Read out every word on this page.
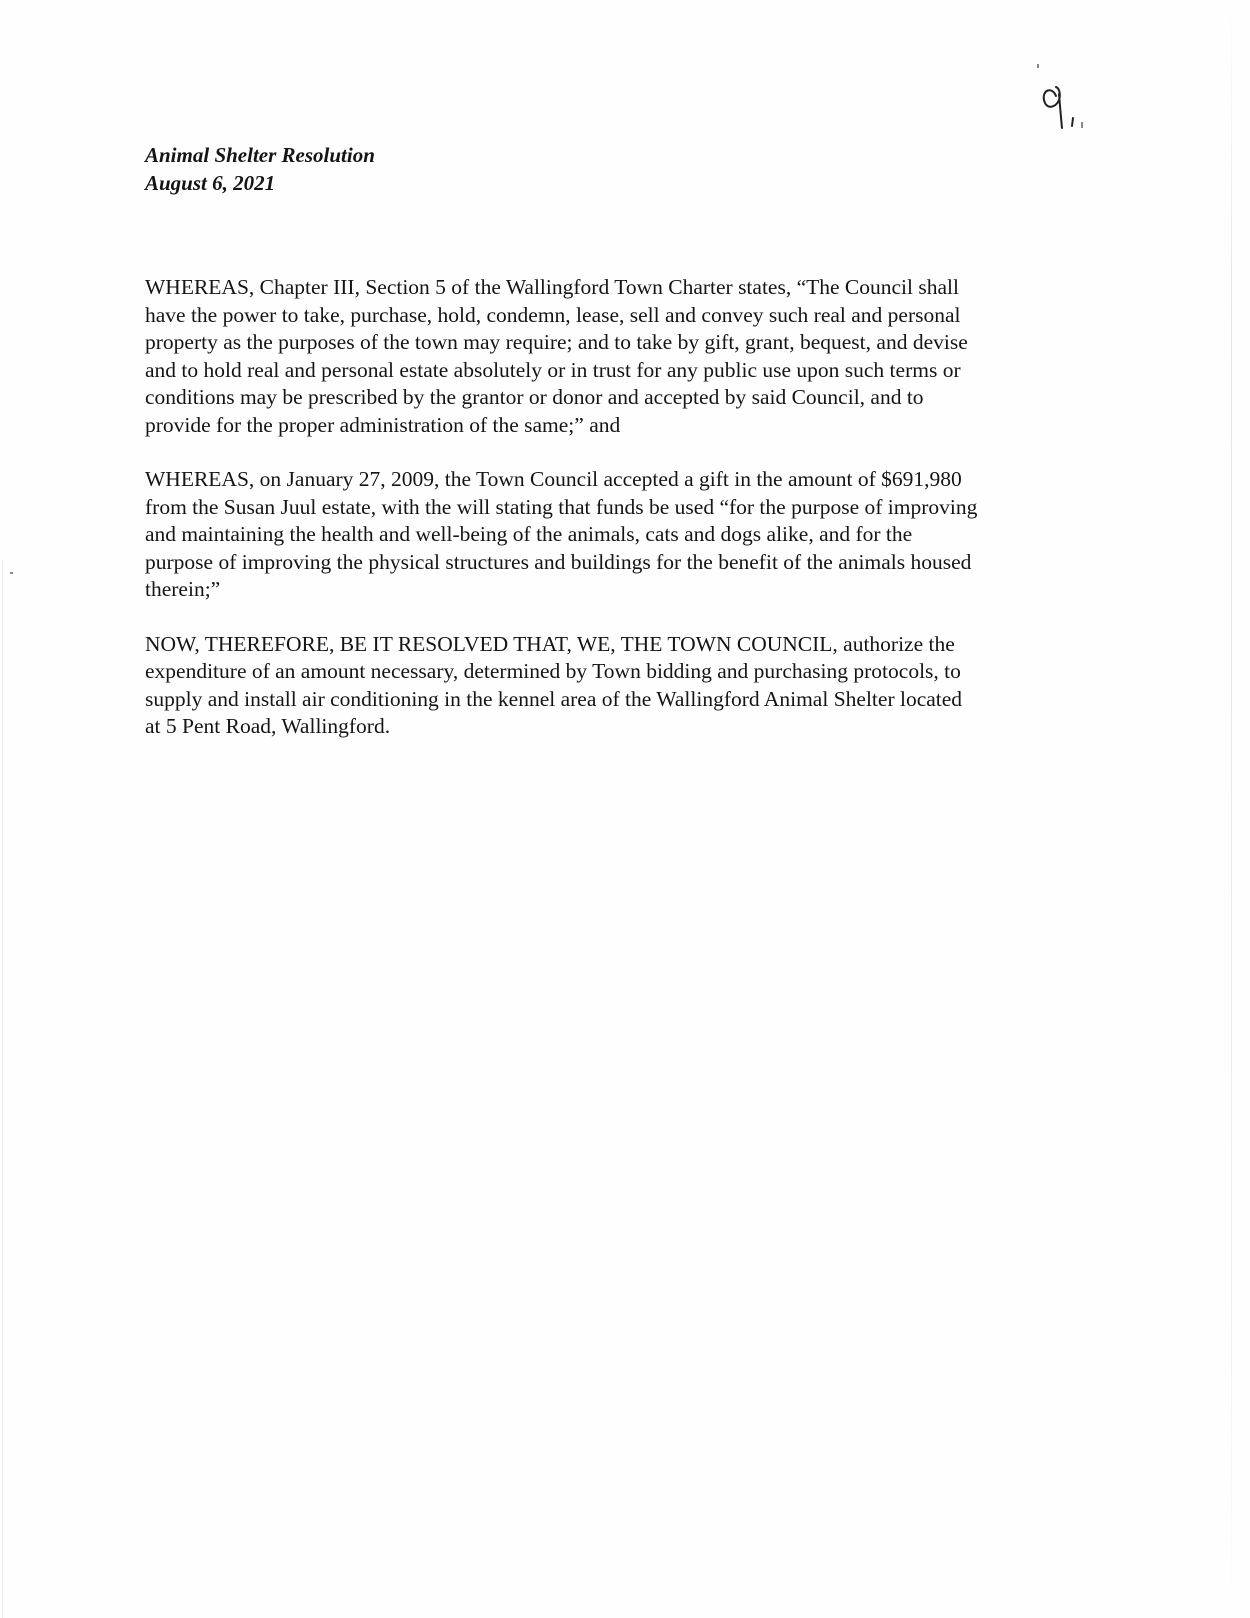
Animal Shelter Resolution
August 6, 2021

WHEREAS, Chapter III, Section 5 of the Wallingford Town Charter states, “The Council shall
have the power to take, purchase, hold, condemn, lease, sell and convey such real and personal
property as the purposes of the town may require; and to take by gift, grant, bequest, and devise
and to hold real and personal estate absolutely or in trust for any public use upon such terms or
conditions may be prescribed by the grantor or donor and accepted by said Council, and to
provide for the proper administration of the same;” and

WHEREAS, on January 27, 2009, the Town Council accepted a gift in the amount of $691,980
from the Susan Juul estate, with the will stating that funds be used “for the purpose of improving
and maintaining the health and well-being of the animals, cats and dogs alike, and for the
purpose of improving the physical structures and buildings for the benefit of the animals housed
therein;”

NOW, THEREFORE, BE IT RESOLVED THAT, WE, THE TOWN COUNCIL, authorize the
expenditure of an amount necessary, determined by Town bidding and purchasing protocols, to
supply and install air conditioning in the kennel area of the Wallingford Animal Shelter located
at 5 Pent Road, Wallingford.
